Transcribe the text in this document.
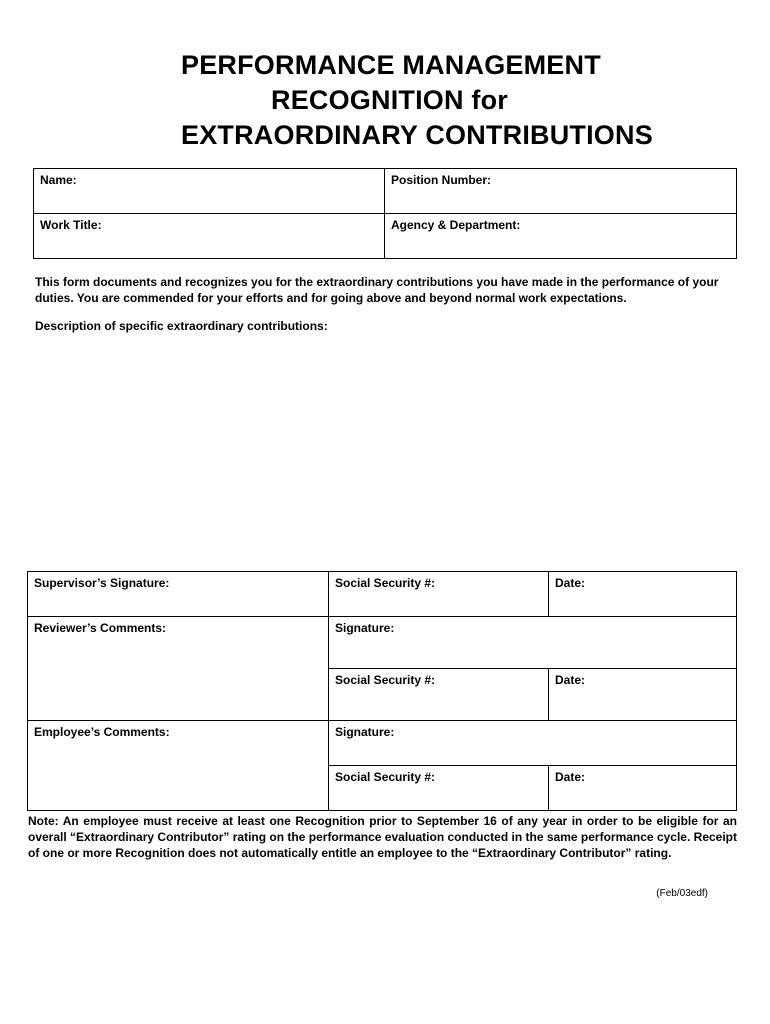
PERFORMANCE MANAGEMENT
RECOGNITION for
EXTRAORDINARY CONTRIBUTIONS
Name:	Position Number:
Work Title:	Agency & Department:
This form documents and recognizes you for the extraordinary contributions you have made in the performance of your duties. You are commended for your efforts and for going above and beyond normal work expectations.
Description of specific extraordinary contributions:
Supervisor’s Signature:	Social Security #:	Date:
Reviewer’s Comments:	Signature:	
	Social Security #:	Date:
Employee’s Comments:	Signature:	
	Social Security #:	Date:
Note: An employee must receive at least one Recognition prior to September 16 of any year in order to be eligible for an overall “Extraordinary Contributor” rating on the performance evaluation conducted in the same performance cycle. Receipt of one or more Recognition does not automatically entitle an employee to the “Extraordinary Contributor” rating.
(Feb/03edf)
